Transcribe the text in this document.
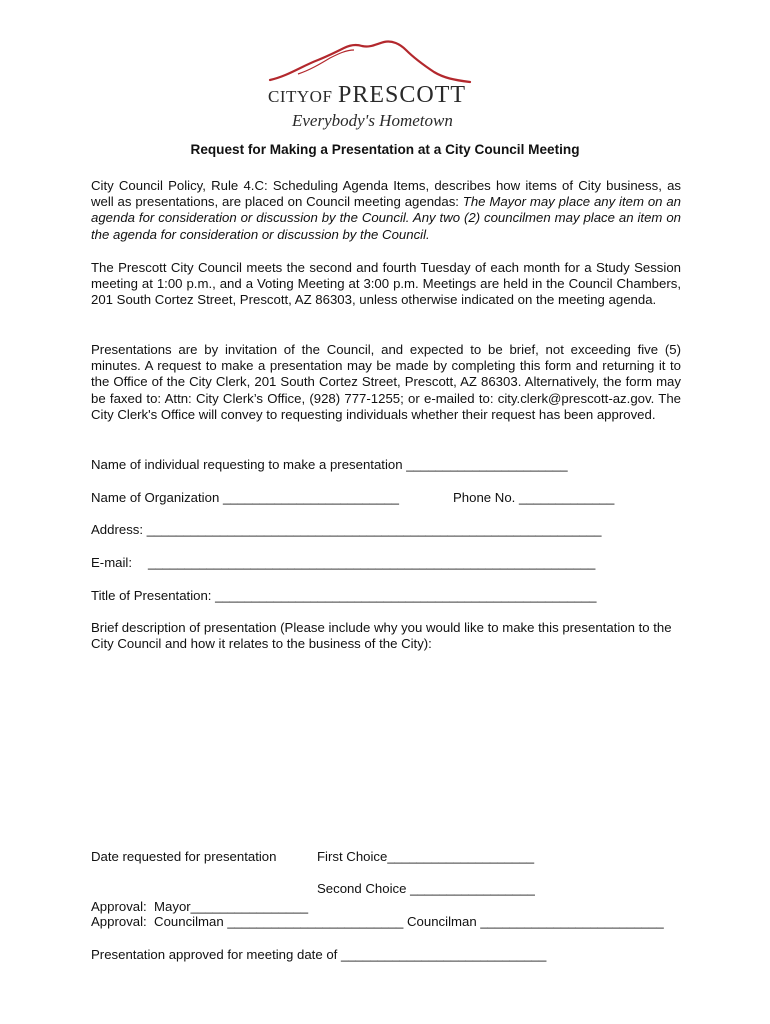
CITYOF PRESCOTT
Everybody's Hometown
Request for Making a Presentation at a City Council Meeting

City Council Policy, Rule 4.C: Scheduling Agenda Items, describes how items of City business, as well as presentations, are placed on Council meeting agendas: The Mayor may place any item on an agenda for consideration or discussion by the Council. Any two (2) councilmen may place an item on the agenda for consideration or discussion by the Council.

The Prescott City Council meets the second and fourth Tuesday of each month for a Study Session meeting at 1:00 p.m., and a Voting Meeting at 3:00 p.m. Meetings are held in the Council Chambers, 201 South Cortez Street, Prescott, AZ 86303, unless otherwise indicated on the meeting agenda.

Presentations are by invitation of the Council, and expected to be brief, not exceeding five (5) minutes. A request to make a presentation may be made by completing this form and returning it to the Office of the City Clerk, 201 South Cortez Street, Prescott, AZ 86303. Alternatively, the form may be faxed to: Attn: City Clerk’s Office, (928) 777-1255; or e-mailed to: city.clerk@prescott-az.gov. The City Clerk's Office will convey to requesting individuals whether their request has been approved.

Name of individual requesting to make a presentation ______________________
Name of Organization ________________________	Phone No. _____________
Address: ______________________________________________________________
E-mail: _____________________________________________________________
Title of Presentation: ____________________________________________________
Brief description of presentation (Please include why you would like to make this presentation to the City Council and how it relates to the business of the City):
Date requested for presentation	First Choice____________________
Second Choice _________________
Approval:  Mayor________________
Approval:  Councilman ________________________ Councilman _________________________
Presentation approved for meeting date of ____________________________
